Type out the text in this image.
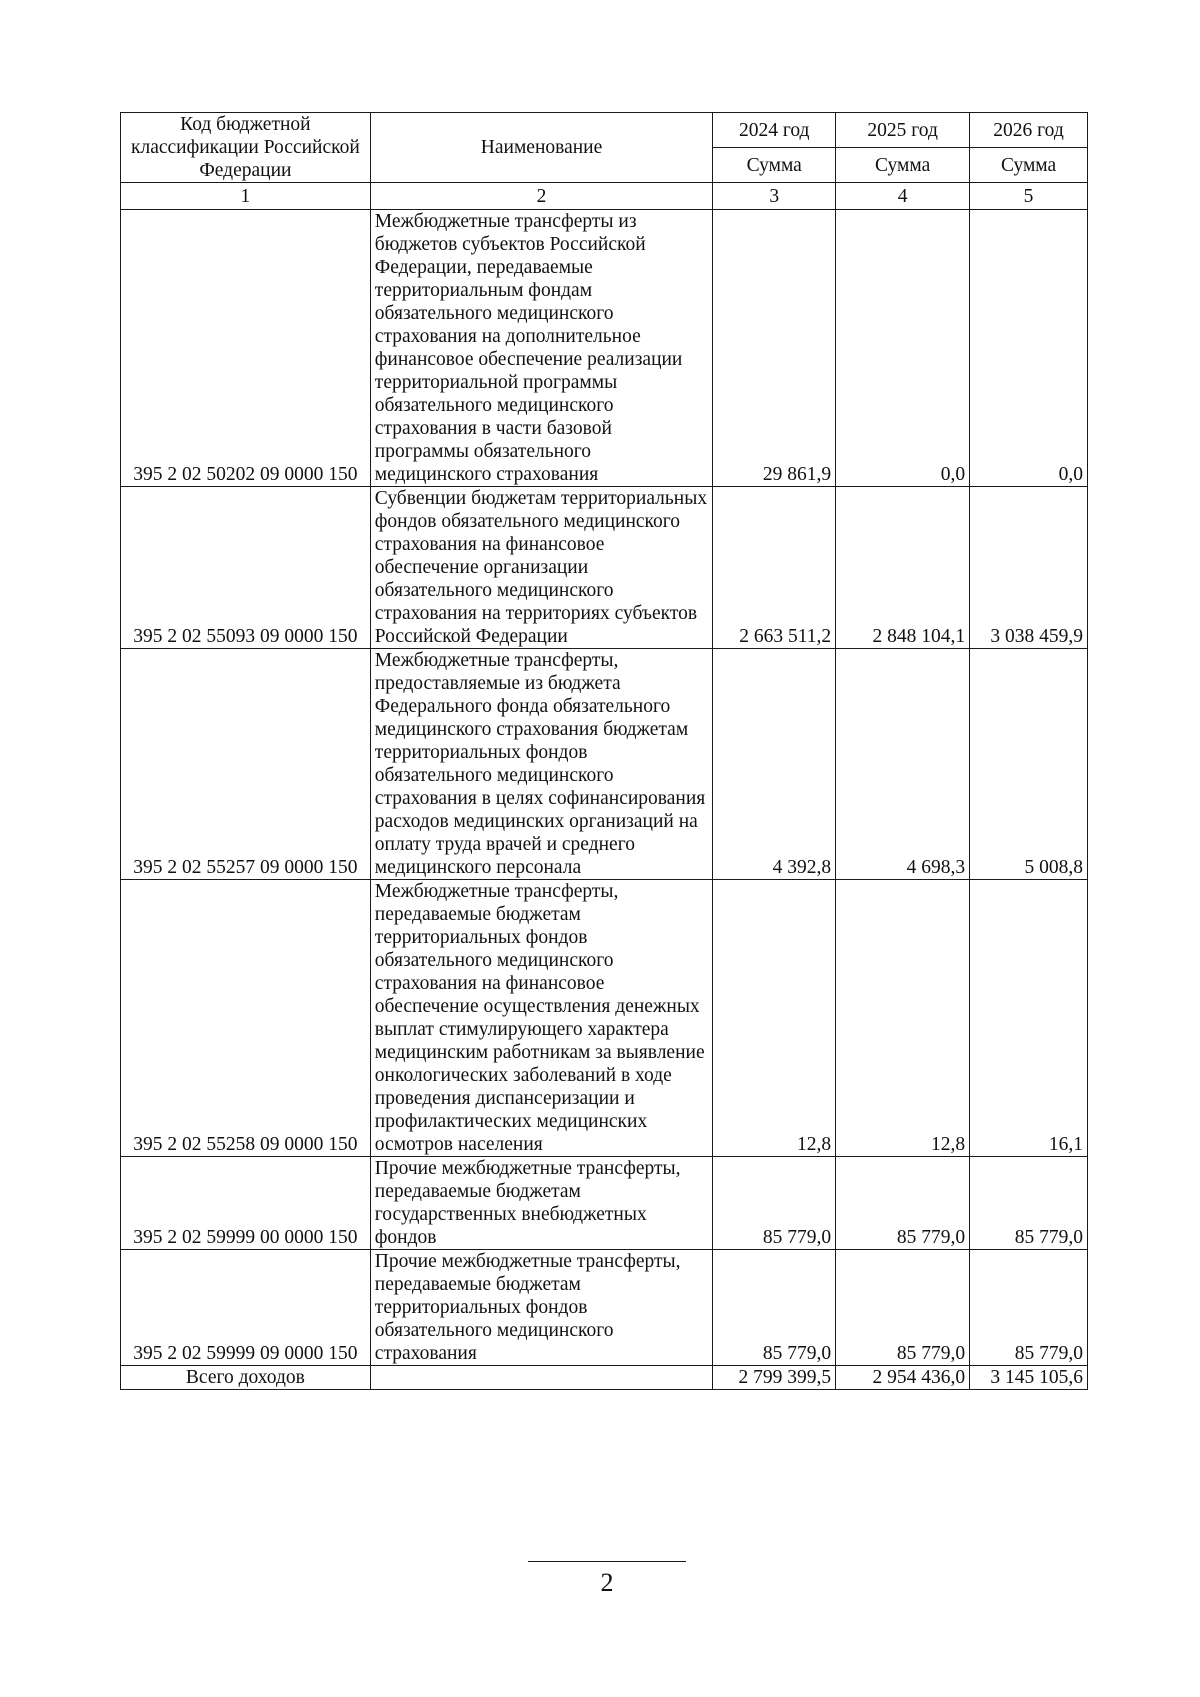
Код бюджетной классификации Российской Федерации	Наименование	2024 год	2025 год	2026 год
		Сумма	Сумма	Сумма
1	2	3	4	5
395 2 02 50202 09 0000 150	Межбюджетные трансферты из бюджетов субъектов Российской Федерации, передаваемые территориальным фондам обязательного медицинского страхования на дополнительное финансовое обеспечение реализации территориальной программы обязательного медицинского страхования в части базовой программы обязательного медицинского страхования	29 861,9	0,0	0,0
395 2 02 55093 09 0000 150	Субвенции бюджетам территориальных фондов обязательного медицинского страхования на финансовое обеспечение организации обязательного медицинского страхования на территориях субъектов Российской Федерации	2 663 511,2	2 848 104,1	3 038 459,9
395 2 02 55257 09 0000 150	Межбюджетные трансферты, предоставляемые из бюджета Федерального фонда обязательного медицинского страхования бюджетам территориальных фондов обязательного медицинского страхования в целях софинансирования расходов медицинских организаций на оплату труда врачей и среднего медицинского персонала	4 392,8	4 698,3	5 008,8
395 2 02 55258 09 0000 150	Межбюджетные трансферты, передаваемые бюджетам территориальных фондов обязательного медицинского страхования на финансовое обеспечение осуществления денежных выплат стимулирующего характера медицинским работникам за выявление онкологических заболеваний в ходе проведения диспансеризации и профилактических медицинских осмотров населения	12,8	12,8	16,1
395 2 02 59999 00 0000 150	Прочие межбюджетные трансферты, передаваемые бюджетам государственных внебюджетных фондов	85 779,0	85 779,0	85 779,0
395 2 02 59999 09 0000 150	Прочие межбюджетные трансферты, передаваемые бюджетам территориальных фондов обязательного медицинского страхования	85 779,0	85 779,0	85 779,0
Всего доходов		2 799 399,5	2 954 436,0	3 145 105,6
2
